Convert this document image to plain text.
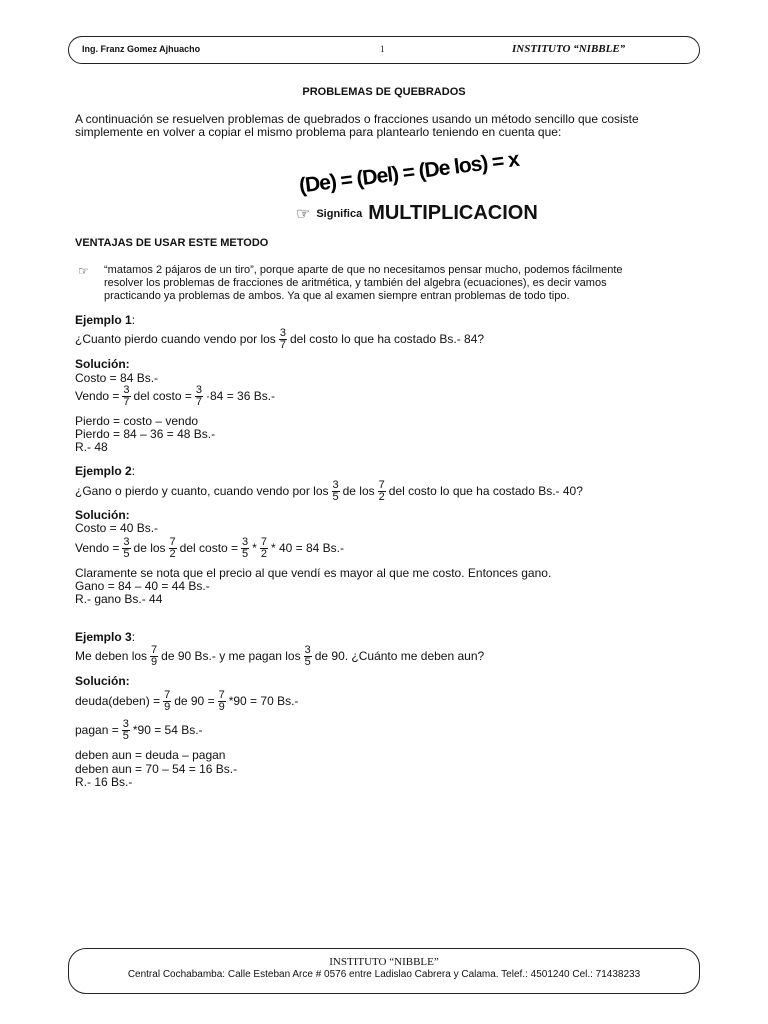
Ing. Franz Gomez Ajhuacho	1	INSTITUTO “NIBBLE”
PROBLEMAS DE QUEBRADOS
A continuación se resuelven problemas de quebrados o fracciones usando un método sencillo que cosiste
simplemente en volver a copiar el mismo problema para plantearlo teniendo en cuenta que:
(De) = (Del) = (De los) = x
☞ Significa MULTIPLICACION
VENTAJAS DE USAR ESTE METODO
☞ “matamos 2 pájaros de un tiro”, porque aparte de que no necesitamos pensar mucho, podemos fácilmente
resolver los problemas de fracciones de aritmética, y también del algebra (ecuaciones), es decir vamos
practicando ya problemas de ambos. Ya que al examen siempre entran problemas de todo tipo.
Ejemplo 1:
¿Cuanto pierdo cuando vendo por los $\frac{3}{7}$ del costo lo que ha costado Bs.- 84?
Solución:
Costo = 84 Bs.-
Vendo = $\frac{3}{7}$ del costo = $\frac{3}{7} \cdot 84 = 36$ Bs.-
Pierdo = costo – vendo
Pierdo = 84 – 36 = 48 Bs.-
R.- 48
Ejemplo 2:
¿Gano o pierdo y cuanto, cuando vendo por los $\frac{3}{5}$ de los $\frac{7}{2}$ del costo lo que ha costado Bs.- 40?
Solución:
Costo = 40 Bs.-
Vendo = $\frac{3}{5}$ de los $\frac{7}{2}$ del costo = $\frac{3}{5} * \frac{7}{2} * 40 = 84$ Bs.-
Claramente se nota que el precio al que vendí es mayor al que me costo. Entonces gano.
Gano = 84 – 40 = 44 Bs.-
R.- gano Bs.- 44
Ejemplo 3:
Me deben los $\frac{7}{9}$ de 90 Bs.- y me pagan los $\frac{3}{5}$ de 90. ¿Cuánto me deben aun?
Solución:
deuda(deben) = $\frac{7}{9}$ de $90 = \frac{7}{9} *90 = 70$ Bs.-
pagan = $\frac{3}{5} *90 = 54$ Bs.-
deben aun = deuda – pagan
deben aun = 70 – 54 = 16 Bs.-
R.- 16 Bs.-
INSTITUTO “NIBBLE”
Central Cochabamba: Calle Esteban Arce # 0576 entre Ladislao Cabrera y Calama. Telef.: 4501240 Cel.: 71438233
